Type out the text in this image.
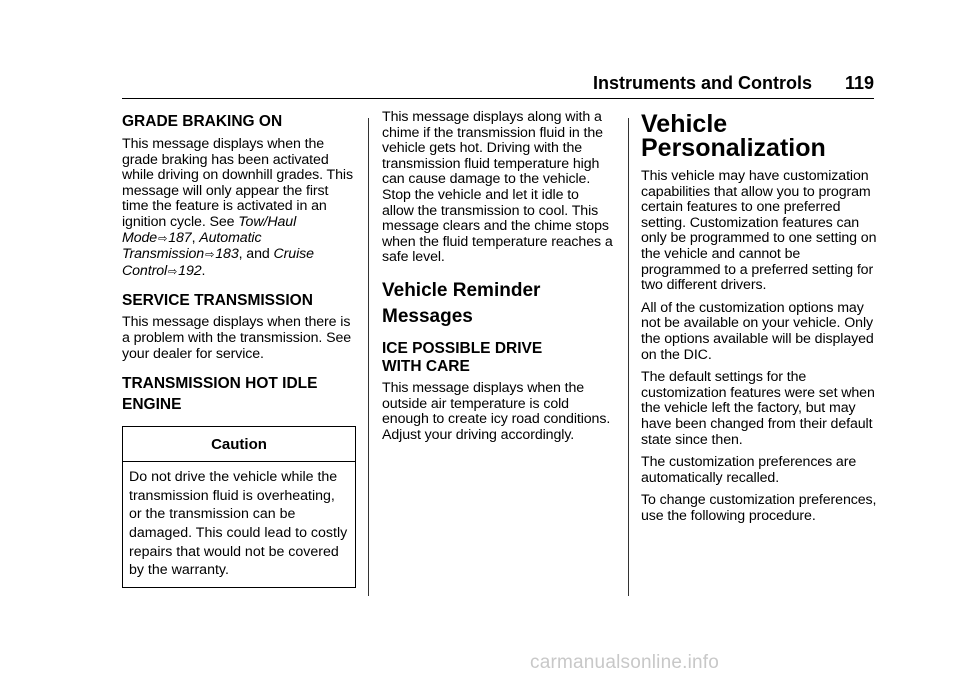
Instruments and Controls 119
GRADE BRAKING ON

This message displays when the grade braking has been activated while driving on downhill grades. This message will only appear the first time the feature is activated in an ignition cycle. See Tow/Haul Mode⇨187, Automatic Transmission⇨183, and Cruise Control⇨192.

SERVICE TRANSMISSION

This message displays when there is a problem with the transmission. See your dealer for service.

TRANSMISSION HOT IDLE ENGINE
Caution
Do not drive the vehicle while the transmission fluid is overheating, or the transmission can be damaged. This could lead to costly repairs that would not be covered by the warranty.

This message displays along with a chime if the transmission fluid in the vehicle gets hot. Driving with the transmission fluid temperature high can cause damage to the vehicle. Stop the vehicle and let it idle to allow the transmission to cool. This message clears and the chime stops when the fluid temperature reaches a safe level.

Vehicle Reminder Messages
ICE POSSIBLE DRIVE WITH CARE

This message displays when the outside air temperature is cold enough to create icy road conditions. Adjust your driving accordingly.

Vehicle Personalization

This vehicle may have customization capabilities that allow you to program certain features to one preferred setting. Customization features can only be programmed to one setting on the vehicle and cannot be programmed to a preferred setting for two different drivers.

All of the customization options may not be available on your vehicle. Only the options available will be displayed on the DIC.

The default settings for the customization features were set when the vehicle left the factory, but may have been changed from their default state since then.

The customization preferences are automatically recalled.

To change customization preferences, use the following procedure.

carmanualsonline.info
